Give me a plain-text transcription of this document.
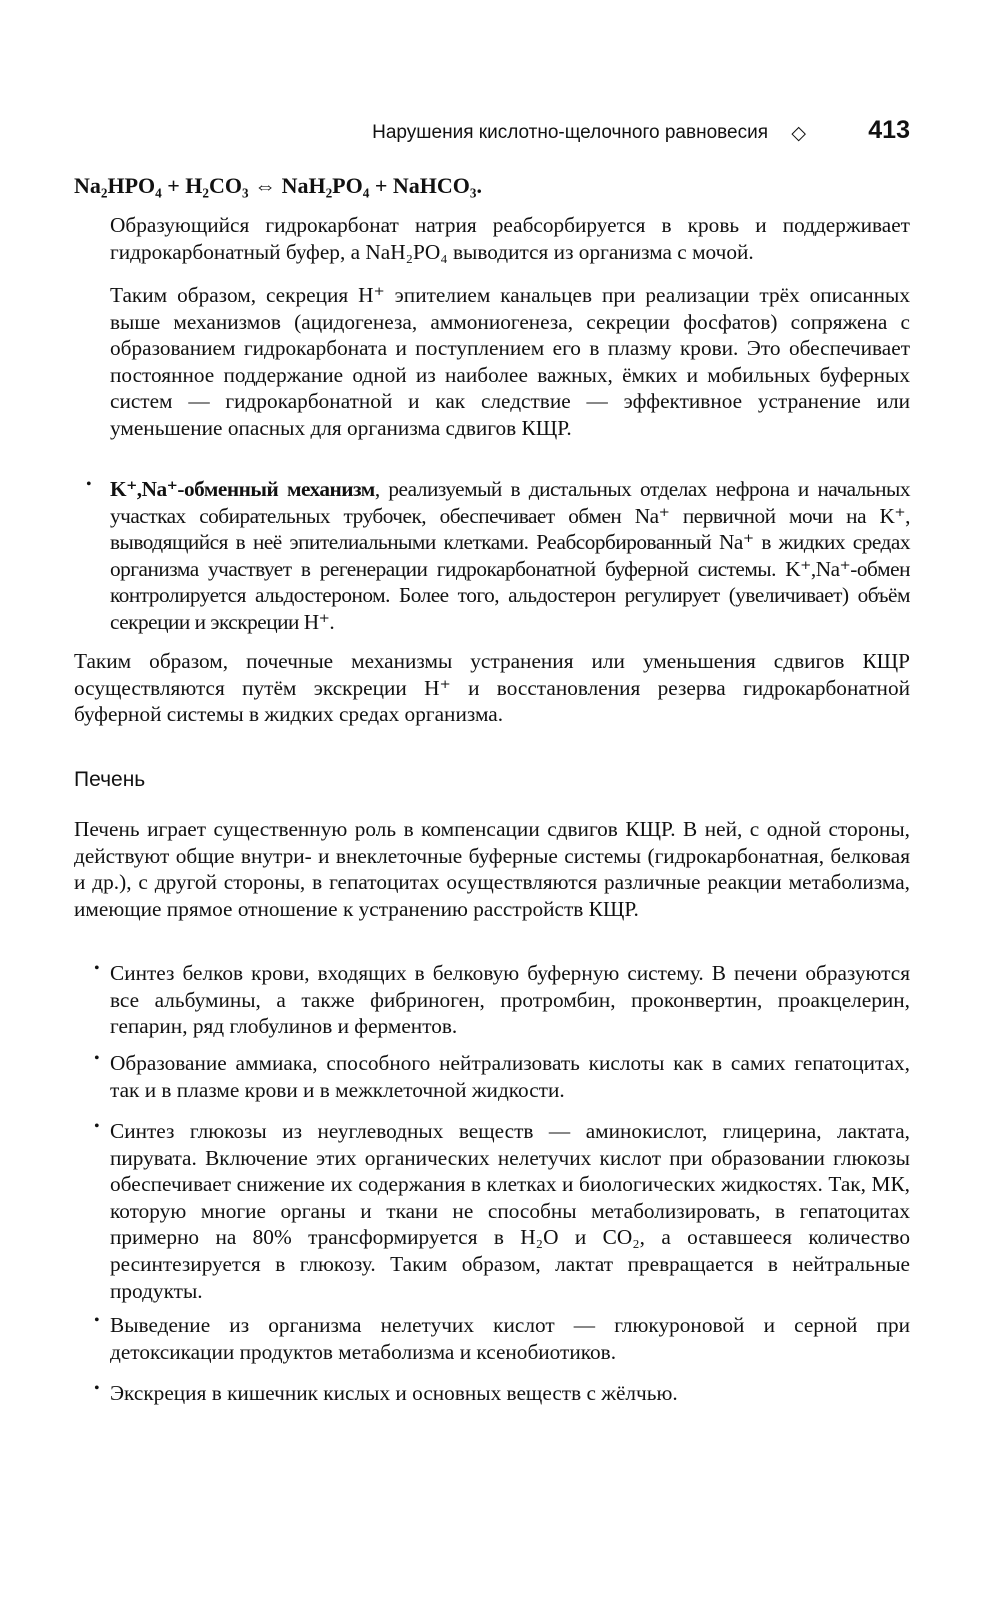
Нарушения кислотно-щелочного равновесия ◇ 413
Na₂HPO₄ + H₂CO₃ ⇔ NaH₂PO₄ + NaHCO₃.

Образующийся гидрокарбонат натрия реабсорбируется в кровь и поддерживает гидрокарбонатный буфер, а NaH₂PO₄ выводится из организма с мочой.

Таким образом, секреция H⁺ эпителием канальцев при реализации трёх описанных выше механизмов (ацидогенеза, аммониогенеза, секреции фосфатов) сопряжена с образованием гидрокарбоната и поступлением его в плазму крови. Это обеспечивает постоянное поддержание одной из наиболее важных, ёмких и мобильных буферных систем — гидрокарбонатной и как следствие — эффективное устранение или уменьшение опасных для организма сдвигов КЩР.

• K⁺,Na⁺-обменный механизм, реализуемый в дистальных отделах нефрона и начальных участках собирательных трубочек, обеспечивает обмен Na⁺ первичной мочи на K⁺, выводящийся в неё эпителиальными клетками. Реабсорбированный Na⁺ в жидких средах организма участвует в регенерации гидрокарбонатной буферной системы. K⁺,Na⁺-обмен контролируется альдостероном. Более того, альдостерон регулирует (увеличивает) объём секреции и экскреции H⁺.

Таким образом, почечные механизмы устранения или уменьшения сдвигов КЩР осуществляются путём экскреции H⁺ и восстановления резерва гидрокарбонатной буферной системы в жидких средах организма.

Печень

Печень играет существенную роль в компенсации сдвигов КЩР. В ней, с одной стороны, действуют общие внутри- и внеклеточные буферные системы (гидрокарбонатная, белковая и др.), с другой стороны, в гепатоцитах осуществляются различные реакции метаболизма, имеющие прямое отношение к устранению расстройств КЩР.

• Синтез белков крови, входящих в белковую буферную систему. В печени образуются все альбумины, а также фибриноген, протромбин, проконвертин, проакцелерин, гепарин, ряд глобулинов и ферментов.

• Образование аммиака, способного нейтрализовать кислоты как в самих гепатоцитах, так и в плазме крови и в межклеточной жидкости.

• Синтез глюкозы из неуглеводных веществ — аминокислот, глицерина, лактата, пирувата. Включение этих органических нелетучих кислот при образовании глюкозы обеспечивает снижение их содержания в клетках и биологических жидкостях. Так, МК, которую многие органы и ткани не способны метаболизировать, в гепатоцитах примерно на 80% трансформируется в H₂O и CO₂, а оставшееся количество ресинтезируется в глюкозу. Таким образом, лактат превращается в нейтральные продукты.

• Выведение из организма нелетучих кислот — глюкуроновой и серной при детоксикации продуктов метаболизма и ксенобиотиков.

• Экскреция в кишечник кислых и основных веществ с жёлчью.
